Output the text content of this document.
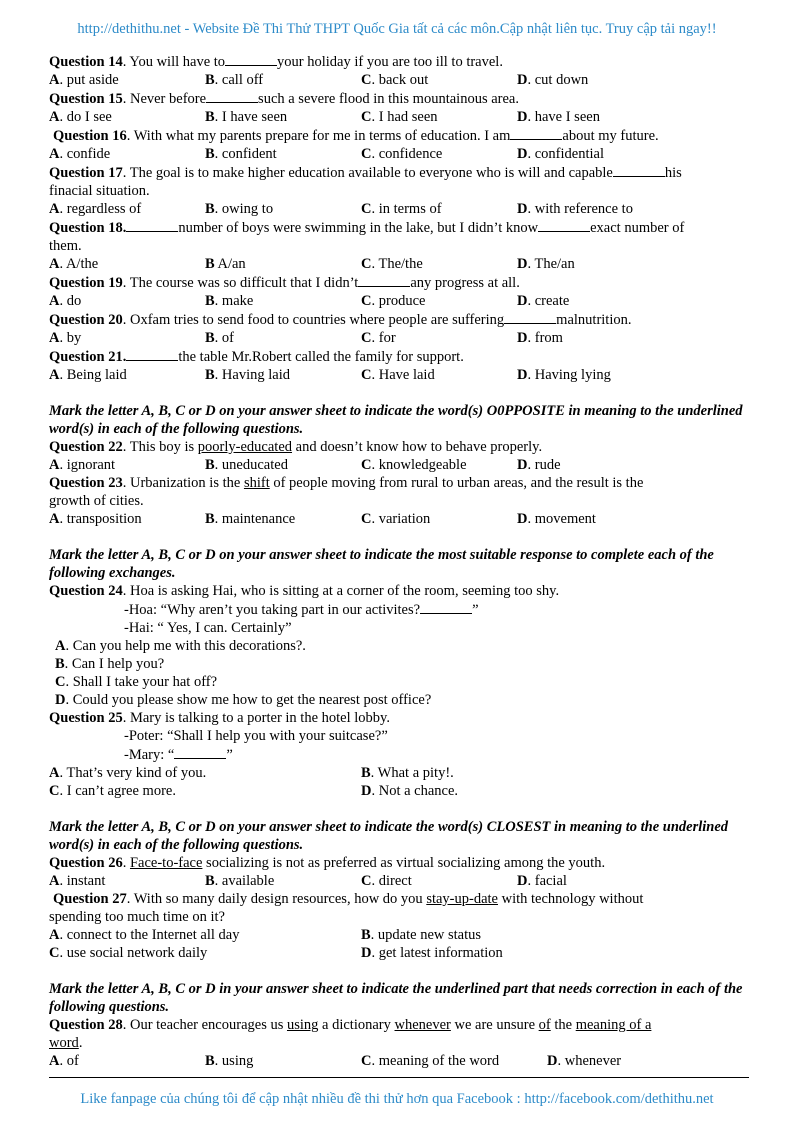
http://dethithu.net - Website Đề Thi Thử THPT Quốc Gia tất cả các môn.Cập nhật liên tục. Truy cập tải ngay!!

Question 14. You will have to	your holiday if you are too ill to travel.

A. put aside	B. call off	C. back out	D. cut down

Question 15. Never before	such a severe flood in this mountainous area.

A. do I see	B. I have seen	C. I had seen	D. have I seen

Question 16. With what my parents prepare for me in terms of education. I am	about my future.

A. confide	B. confident	C. confidence	D. confidential

Question 17. The goal is to make higher education available to everyone who is will and capable	his

finacial situation.

A. regardless of	B. owing to	C. in terms of	D. with reference to

Question 18.	number of boys were swimming in the lake, but I didn’t know	exact number of

them.

A. A/the	B A/an	C. The/the	D. The/an

Question 19. The course was so difficult that I didn’t	any progress at all.

A. do	B. make	C. produce	D. create

Question 20. Oxfam tries to send food to countries where people are suffering	malnutrition.

A. by	B. of	C. for	D. from

Question 21.	the table Mr.Robert called the family for support.

A. Being laid	B. Having laid	C. Have laid	D. Having lying

Mark the letter A, B, C or D on your answer sheet to indicate the word(s) O0PPOSITE in meaning to the underlined word(s) in each of the following questions.

Question 22. This boy is poorly-educated and doesn’t know how to behave properly.

A. ignorant	B. uneducated	C. knowledgeable	D. rude

Question 23. Urbanization is the shift of people moving from rural to urban areas, and the result is the

growth of cities.

A. transposition	B. maintenance	C. variation	D. movement

Mark the letter A, B, C or D on your answer sheet to indicate the most suitable response to complete each of the following exchanges.

Question 24. Hoa is asking Hai, who is sitting at a corner of the room, seeming too shy.

-Hoa: “Why aren’t you taking part in our activites?	”

-Hai: “ Yes, I can. Certainly”

A. Can you help me with this decorations?.

B. Can I help you?

C. Shall I take your hat off?

D. Could you please show me how to get the nearest post office?

Question 25. Mary is talking to a porter in the hotel lobby.

-Poter: “Shall I help you with your suitcase?”

-Mary: “	”

A. That’s very kind of you.	B. What a pity!.
C. I can’t agree more.	D. Not a chance.

Mark the letter A, B, C or D on your answer sheet to indicate the word(s) CLOSEST in meaning to the underlined word(s) in each of the following questions.

Question 26. Face-to-face socializing is not as preferred as virtual socializing among the youth.

A. instant	B. available	C. direct	D. facial

Question 27. With so many daily design resources, how do you stay-up-date with technology without

spending too much time on it?

A. connect to the Internet all day	B. update new status
C. use social network daily	D. get latest information

Mark the letter A, B, C or D in your answer sheet to indicate the underlined part that needs correction in each of the following questions.

Question 28. Our teacher encourages us using a dictionary whenever we are unsure of the meaning of a

word.

A. of	B. using	C. meaning of the word	D. whenever
Like fanpage của chúng tôi để cập nhật nhiều đề thi thử hơn qua Facebook : http://facebook.com/dethithu.net
